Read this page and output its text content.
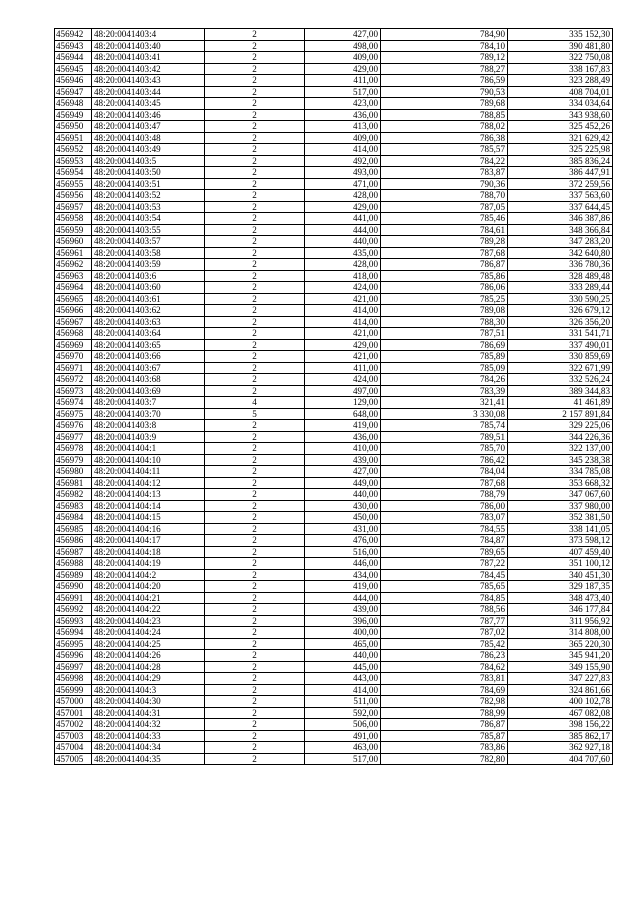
456942	48:20:0041403:4	2	427,00	784,90	335 152,30
456943	48:20:0041403:40	2	498,00	784,10	390 481,80
456944	48:20:0041403:41	2	409,00	789,12	322 750,08
456945	48:20:0041403:42	2	429,00	788,27	338 167,83
456946	48:20:0041403:43	2	411,00	786,59	323 288,49
456947	48:20:0041403:44	2	517,00	790,53	408 704,01
456948	48:20:0041403:45	2	423,00	789,68	334 034,64
456949	48:20:0041403:46	2	436,00	788,85	343 938,60
456950	48:20:0041403:47	2	413,00	788,02	325 452,26
456951	48:20:0041403:48	2	409,00	786,38	321 629,42
456952	48:20:0041403:49	2	414,00	785,57	325 225,98
456953	48:20:0041403:5	2	492,00	784,22	385 836,24
456954	48:20:0041403:50	2	493,00	783,87	386 447,91
456955	48:20:0041403:51	2	471,00	790,36	372 259,56
456956	48:20:0041403:52	2	428,00	788,70	337 563,60
456957	48:20:0041403:53	2	429,00	787,05	337 644,45
456958	48:20:0041403:54	2	441,00	785,46	346 387,86
456959	48:20:0041403:55	2	444,00	784,61	348 366,84
456960	48:20:0041403:57	2	440,00	789,28	347 283,20
456961	48:20:0041403:58	2	435,00	787,68	342 640,80
456962	48:20:0041403:59	2	428,00	786,87	336 780,36
456963	48:20:0041403:6	2	418,00	785,86	328 489,48
456964	48:20:0041403:60	2	424,00	786,06	333 289,44
456965	48:20:0041403:61	2	421,00	785,25	330 590,25
456966	48:20:0041403:62	2	414,00	789,08	326 679,12
456967	48:20:0041403:63	2	414,00	788,30	326 356,20
456968	48:20:0041403:64	2	421,00	787,51	331 541,71
456969	48:20:0041403:65	2	429,00	786,69	337 490,01
456970	48:20:0041403:66	2	421,00	785,89	330 859,69
456971	48:20:0041403:67	2	411,00	785,09	322 671,99
456972	48:20:0041403:68	2	424,00	784,26	332 526,24
456973	48:20:0041403:69	2	497,00	783,39	389 344,83
456974	48:20:0041403:7	4	129,00	321,41	41 461,89
456975	48:20:0041403:70	5	648,00	3 330,08	2 157 891,84
456976	48:20:0041403:8	2	419,00	785,74	329 225,06
456977	48:20:0041403:9	2	436,00	789,51	344 226,36
456978	48:20:0041404:1	2	410,00	785,70	322 137,00
456979	48:20:0041404:10	2	439,00	786,42	345 238,38
456980	48:20:0041404:11	2	427,00	784,04	334 785,08
456981	48:20:0041404:12	2	449,00	787,68	353 668,32
456982	48:20:0041404:13	2	440,00	788,79	347 067,60
456983	48:20:0041404:14	2	430,00	786,00	337 980,00
456984	48:20:0041404:15	2	450,00	783,07	352 381,50
456985	48:20:0041404:16	2	431,00	784,55	338 141,05
456986	48:20:0041404:17	2	476,00	784,87	373 598,12
456987	48:20:0041404:18	2	516,00	789,65	407 459,40
456988	48:20:0041404:19	2	446,00	787,22	351 100,12
456989	48:20:0041404:2	2	434,00	784,45	340 451,30
456990	48:20:0041404:20	2	419,00	785,65	329 187,35
456991	48:20:0041404:21	2	444,00	784,85	348 473,40
456992	48:20:0041404:22	2	439,00	788,56	346 177,84
456993	48:20:0041404:23	2	396,00	787,77	311 956,92
456994	48:20:0041404:24	2	400,00	787,02	314 808,00
456995	48:20:0041404:25	2	465,00	785,42	365 220,30
456996	48:20:0041404:26	2	440,00	786,23	345 941,20
456997	48:20:0041404:28	2	445,00	784,62	349 155,90
456998	48:20:0041404:29	2	443,00	783,81	347 227,83
456999	48:20:0041404:3	2	414,00	784,69	324 861,66
457000	48:20:0041404:30	2	511,00	782,98	400 102,78
457001	48:20:0041404:31	2	592,00	788,99	467 082,08
457002	48:20:0041404:32	2	506,00	786,87	398 156,22
457003	48:20:0041404:33	2	491,00	785,87	385 862,17
457004	48:20:0041404:34	2	463,00	783,86	362 927,18
457005	48:20:0041404:35	2	517,00	782,80	404 707,60
